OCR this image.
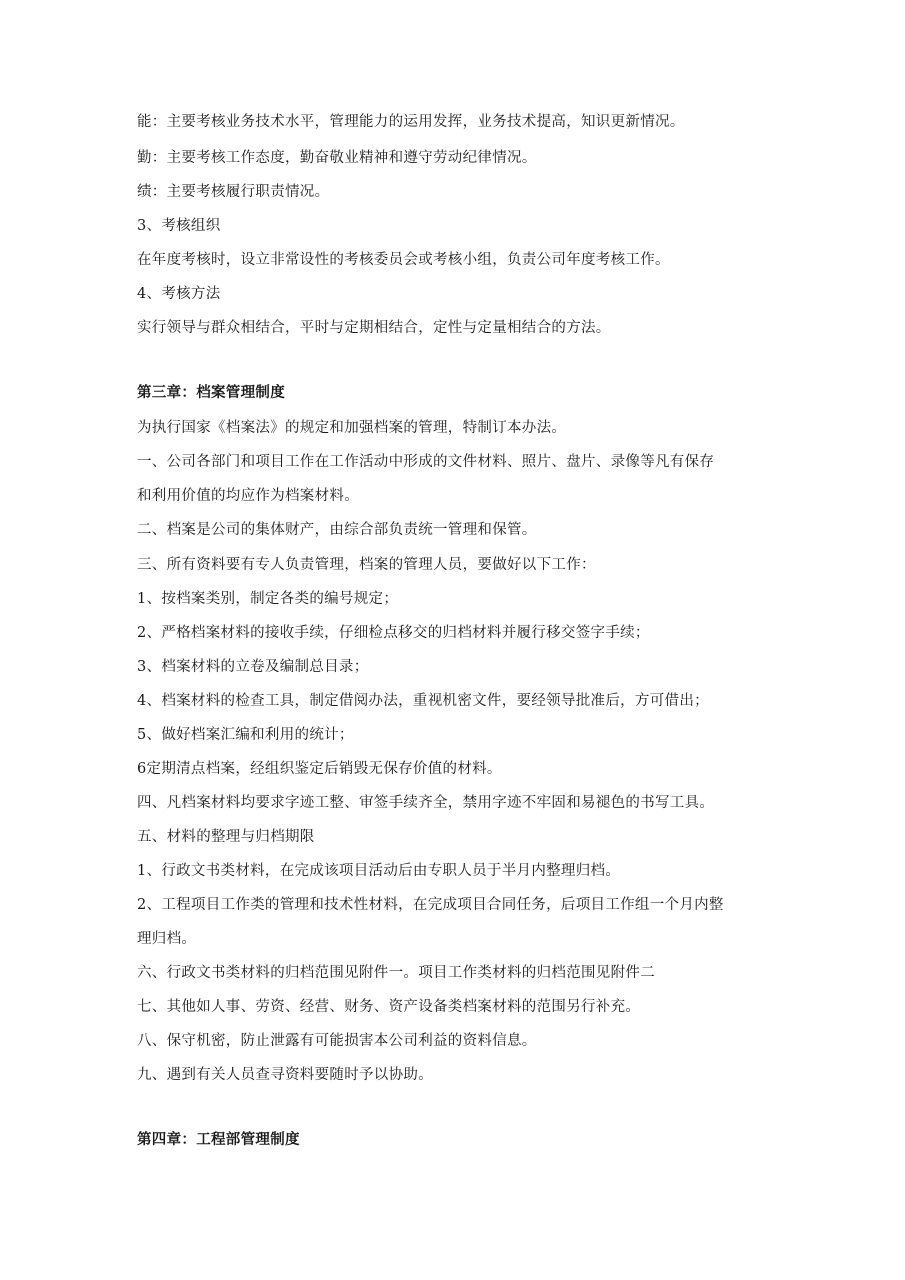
能：主要考核业务技术水平，管理能力的运用发挥，业务技术提高，知识更新情况。
勤：主要考核工作态度，勤奋敬业精神和遵守劳动纪律情况。
绩：主要考核履行职责情况。
3、考核组织
在年度考核时，设立非常设性的考核委员会或考核小组，负责公司年度考核工作。
4、考核方法
实行领导与群众相结合，平时与定期相结合，定性与定量相结合的方法。
第三章：档案管理制度
为执行国家《档案法》的规定和加强档案的管理，特制订本办法。
一、公司各部门和项目工作在工作活动中形成的文件材料、照片、盘片、录像等凡有保存
和利用价值的均应作为档案材料。
二、档案是公司的集体财产，由综合部负责统一管理和保管。
三、所有资料要有专人负责管理，档案的管理人员，要做好以下工作：
1、按档案类别，制定各类的编号规定；
2、严格档案材料的接收手续，仔细检点移交的归档材料并履行移交签字手续；
3、档案材料的立卷及编制总目录；
4、档案材料的检查工具，制定借阅办法，重视机密文件，要经领导批准后，方可借出；
5、做好档案汇编和利用的统计；
6定期清点档案，经组织鉴定后销毁无保存价值的材料。
四、凡档案材料均要求字迹工整、审签手续齐全，禁用字迹不牢固和易褪色的书写工具。
五、材料的整理与归档期限
1、行政文书类材料，在完成该项目活动后由专职人员于半月内整理归档。
2、工程项目工作类的管理和技术性材料，在完成项目合同任务，后项目工作组一个月内整
理归档。
六、行政文书类材料的归档范围见附件一。项目工作类材料的归档范围见附件二
七、其他如人事、劳资、经营、财务、资产设备类档案材料的范围另行补充。
八、保守机密，防止泄露有可能损害本公司利益的资料信息。
九、遇到有关人员查寻资料要随时予以协助。
第四章：工程部管理制度
